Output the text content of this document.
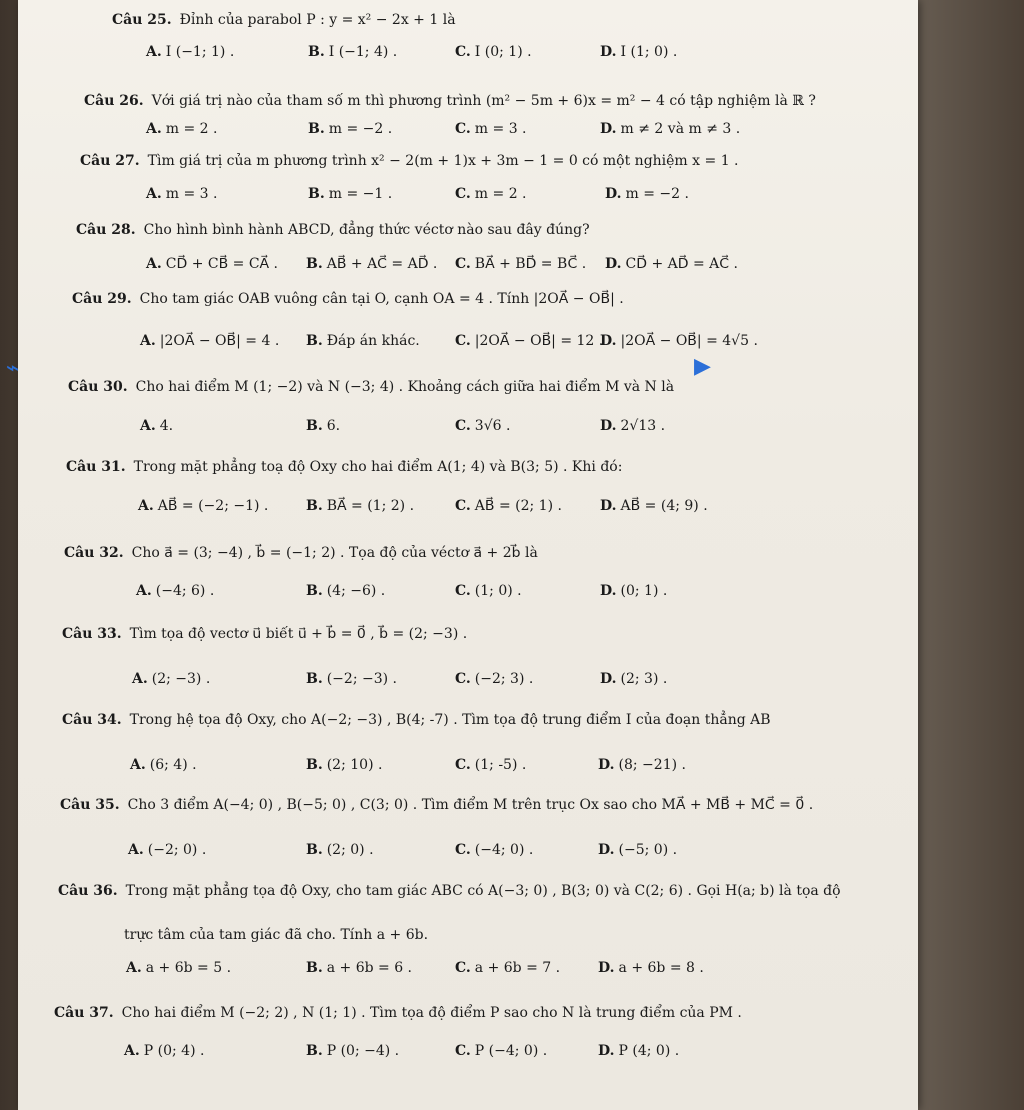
⌁	▶
Câu 25. Đỉnh của parabol P : y = x² − 2x + 1 là
A. I (−1; 1) .	B. I (−1; 4) .	C. I (0; 1) .	D. I (1; 0) .
Câu 26. Với giá trị nào của tham số m thì phương trình (m² − 5m + 6)x = m² − 4 có tập nghiệm là ℝ ?
A. m = 2 .	B. m = −2 .	C. m = 3 .	D. m ≠ 2 và m ≠ 3 .
Câu 27. Tìm giá trị của m phương trình x² − 2(m + 1)x + 3m − 1 = 0 có một nghiệm x = 1 .
A. m = 3 .	B. m = −1 .	C. m = 2 .	D. m = −2 .
Câu 28. Cho hình bình hành ABCD, đẳng thức véctơ nào sau đây đúng?
A. CD⃗ + CB⃗ = CA⃗ . B. AB⃗ + AC⃗ = AD⃗ . C. BA⃗ + BD⃗ = BC⃗ . D. CD⃗ + AD⃗ = AC⃗ .
Câu 29. Cho tam giác OAB vuông cân tại O, cạnh OA = 4 . Tính |2OA⃗ − OB⃗| .
A. |2OA⃗ − OB⃗| = 4 . B. Đáp án khác.	C. |2OA⃗ − OB⃗| = 12 .
D. |2OA⃗ − OB⃗| = 4√5 .
Câu 30. Cho hai điểm M (1; −2) và N (−3; 4) . Khoảng cách giữa hai điểm M và N là
A. 4.	B. 6.	C. 3√6 .	D. 2√13 .
Câu 31. Trong mặt phẳng toạ độ Oxy cho hai điểm A(1; 4) và B(3; 5) . Khi đó:
A. AB⃗ = (−2; −1) .	B. BA⃗ = (1; 2) .	C. AB⃗ = (2; 1) .	D. AB⃗ = (4; 9) .
Câu 32. Cho a⃗ = (3; −4) , b⃗ = (−1; 2) . Tọa độ của véctơ a⃗ + 2b⃗ là
A. (−4; 6) .	B. (4; −6) .	C. (1; 0) .	D. (0; 1) .
Câu 33. Tìm tọa độ vectơ u⃗ biết u⃗ + b⃗ = 0⃗ , b⃗ = (2; −3) .
A. (2; −3) .	B. (−2; −3) .	C. (−2; 3) .	D. (2; 3) .
Câu 34. Trong hệ tọa độ Oxy, cho A(−2; −3) , B(4; -7) . Tìm tọa độ trung điểm I của đoạn thẳng AB
A. (6; 4) .	B. (2; 10) .	C. (1; -5) .	D. (8; −21) .
Câu 35. Cho 3 điểm A(−4; 0) , B(−5; 0) , C(3; 0) . Tìm điểm M trên trục Ox sao cho MA⃗ + MB⃗ + MC⃗ = 0⃗ .
A. (−2; 0) .	B. (2; 0) .	C. (−4; 0) .	D. (−5; 0) .
Câu 36. Trong mặt phẳng tọa độ Oxy, cho tam giác ABC có A(−3; 0) , B(3; 0) và C(2; 6) . Gọi H(a; b) là tọa độ
trực tâm của tam giác đã cho. Tính a + 6b.
A. a + 6b = 5 .	B. a + 6b = 6 .	C. a + 6b = 7 .	D. a + 6b = 8 .
Câu 37. Cho hai điểm M (−2; 2) , N (1; 1) . Tìm tọa độ điểm P sao cho N là trung điểm của PM .
A. P (0; 4) .	B. P (0; −4) .	C. P (−4; 0) .	D. P (4; 0) .
